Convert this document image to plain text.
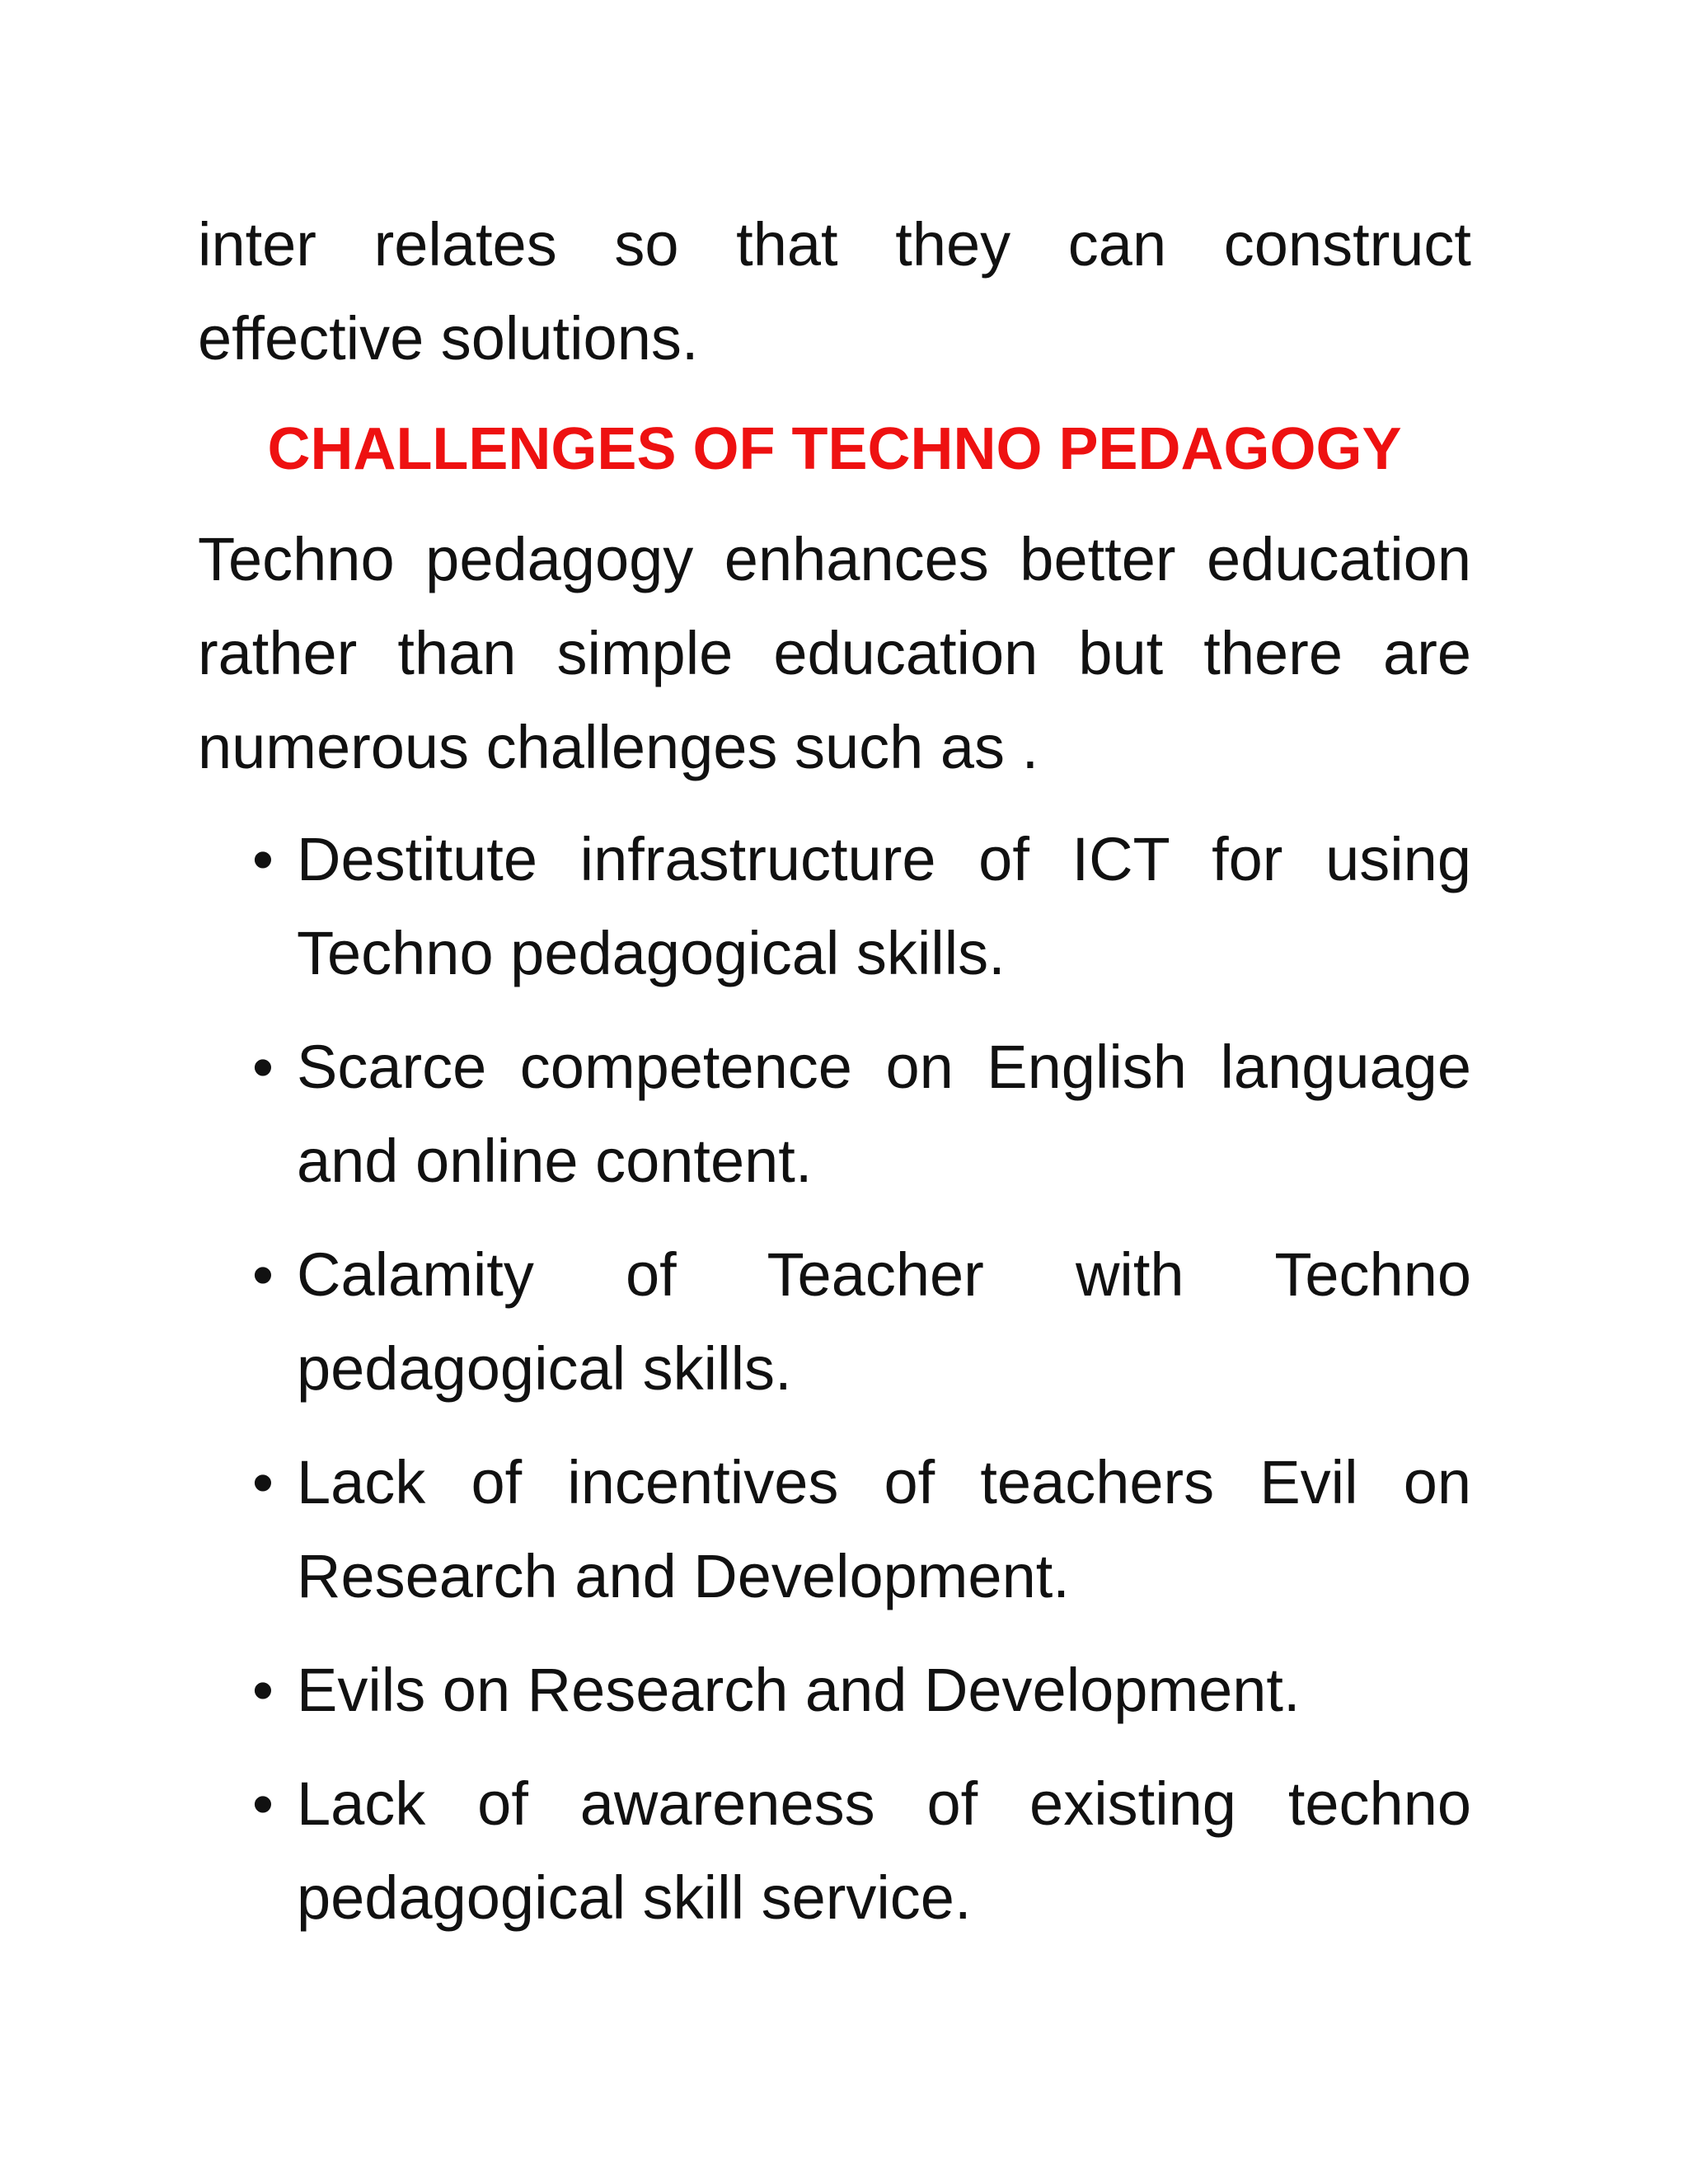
inter relates so that they can construct effective solutions.

CHALLENGES OF TECHNO PEDAGOGY

Techno pedagogy enhances better education rather than simple education but there are numerous challenges such as .

•
Destitute infrastructure of ICT for using Techno pedagogical skills.
•
Scarce competence on English language and online content.
•
Calamity of Teacher with Techno pedagogical skills.
•
Lack of incentives of teachers Evil on Research and Development.
•
Evils on Research and Development.
•
Lack of awareness of existing techno pedagogical skill service.
